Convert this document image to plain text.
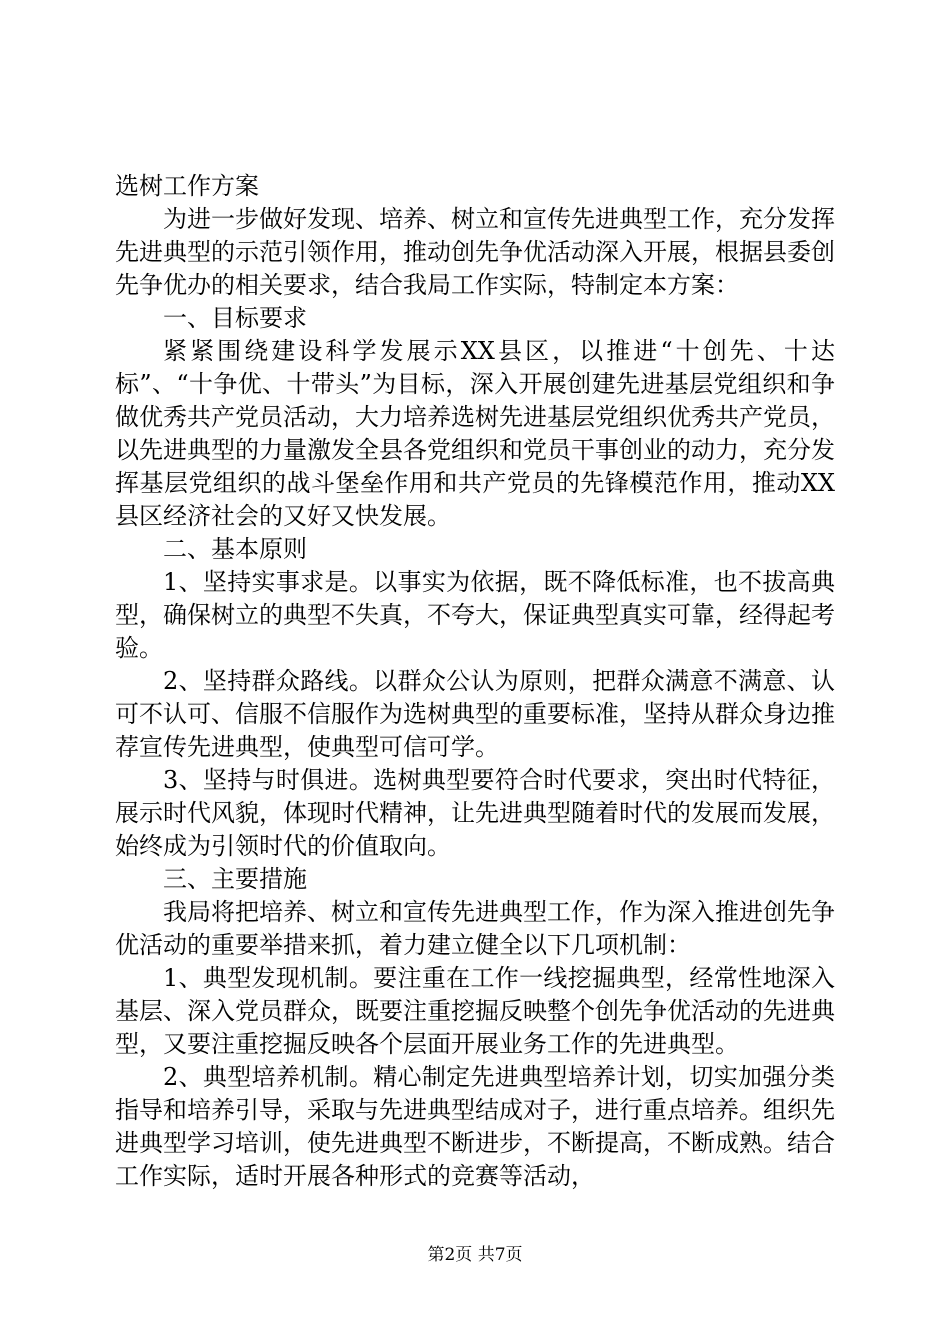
选树工作方案

为进一步做好发现、培养、树立和宣传先进典型工作，充分发挥先进典型的示范引领作用，推动创先争优活动深入开展，根据县委创先争优办的相关要求，结合我局工作实际，特制定本方案：

一、目标要求

紧紧围绕建设科学发展示XX县区，以推进“十创先、十达标”、“十争优、十带头”为目标，深入开展创建先进基层党组织和争做优秀共产党员活动，大力培养选树先进基层党组织优秀共产党员，以先进典型的力量激发全县各党组织和党员干事创业的动力，充分发挥基层党组织的战斗堡垒作用和共产党员的先锋模范作用，推动XX县区经济社会的又好又快发展。

二、基本原则

1、坚持实事求是。以事实为依据，既不降低标准，也不拔高典型，确保树立的典型不失真，不夸大，保证典型真实可靠，经得起考验。

2、坚持群众路线。以群众公认为原则，把群众满意不满意、认可不认可、信服不信服作为选树典型的重要标准，坚持从群众身边推荐宣传先进典型，使典型可信可学。

3、坚持与时俱进。选树典型要符合时代要求，突出时代特征，展示时代风貌，体现时代精神，让先进典型随着时代的发展而发展，始终成为引领时代的价值取向。

三、主要措施

我局将把培养、树立和宣传先进典型工作，作为深入推进创先争优活动的重要举措来抓，着力建立健全以下几项机制：

1、典型发现机制。要注重在工作一线挖掘典型，经常性地深入基层、深入党员群众，既要注重挖掘反映整个创先争优活动的先进典型，又要注重挖掘反映各个层面开展业务工作的先进典型。

2、典型培养机制。精心制定先进典型培养计划，切实加强分类指导和培养引导，采取与先进典型结成对子，进行重点培养。组织先进典型学习培训，使先进典型不断进步，不断提高，不断成熟。结合工作实际，适时开展各种形式的竞赛等活动，

第2页 共7页
